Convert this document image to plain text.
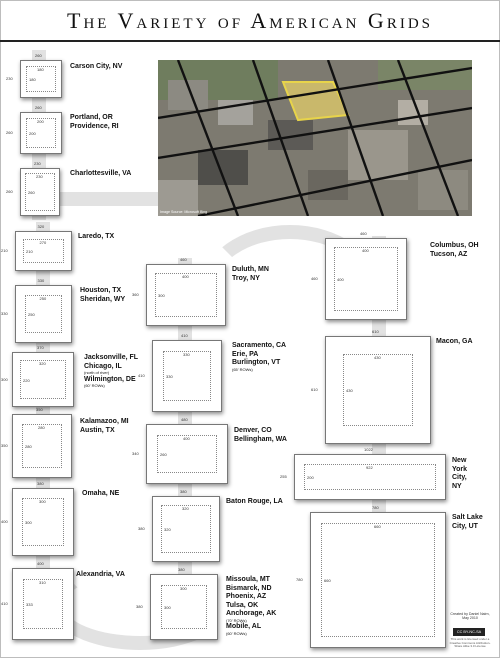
The Variety of American Grids
Image Source: Microsoft Bing
Created by Daniel Nairn, May 2010
CC BY-NC-SA
This work is licensed under a Creative Commons Attribution-Share Alike 3.0 License
180
180
260
230
Carson City, NV
200
200
260
260
Portland, OR
Providence, RI
230
260
230
260
Charlottesville, VA
270
210
320
210
Laredo, TX
250
250
330
330
Houston, TX
Sheridan, WY
320
220
370
300
Jacksonville, FL
Chicago, IL
(north of river)
Wilmington, DE
(60' ROWs)
280
280
350
350
Kalamazoo, MI
Austin, TX
300
300
380
400
Omaha, NE
310
333
400
410
Alexandria, VA
400
300
460
360
Duluth, MN
Troy, NY
330
330
410
410
Sacramento, CA
Erie, PA
Burlington, VT
(65' ROWs)
400
260
480
340
Denver, CO
Bellingham, WA
320
320
380
380
Baton Rouge, LA
300
300
380
380
Missoula, MT
Bismarck, ND
Phoenix, AZ
Tulsa, OK
Anchorage, AK
(70' ROWs)
Mobile, AL
(60' ROWs)
400
400
460
460
Columbus, OH
Tucson, AZ
430
430
610
610
Macon, GA
922
200
1022
255
New
York
City,
NY
660
660
780
780
Salt Lake
City, UT
